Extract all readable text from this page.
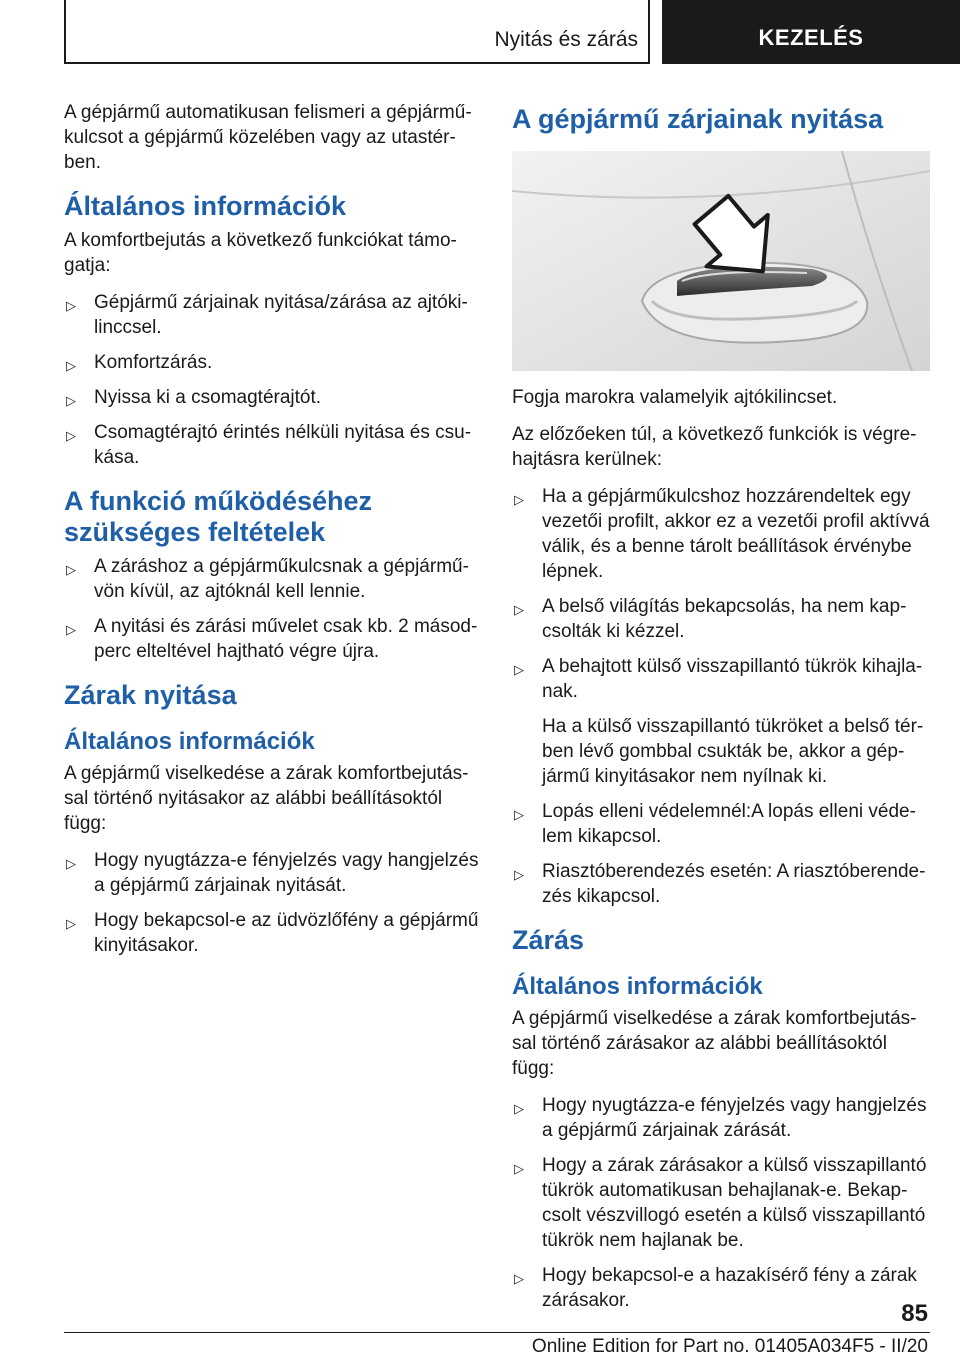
Nyitás és zárás	KEZELÉS

A gépjármű automatikusan felismeri a gépjárműkulcsot a gépjármű közelében vagy az utastérben.

Általános információk

A komfortbejutás a következő funkciókat támogatja:

▷ Gépjármű zárjainak nyitása/zárása az ajtókilinccsel.
▷ Komfortzárás.
▷ Nyissa ki a csomagtérajtót.
▷ Csomagtérajtó érintés nélküli nyitása és csukása.
A funkció működéséhez szükséges feltételek
▷ A záráshoz a gépjárműkulcsnak a gépjárművön kívül, az ajtóknál kell lennie.
▷ A nyitási és zárási művelet csak kb. 2 másodperc elteltével hajtható végre újra.
Zárak nyitása
Általános információk

A gépjármű viselkedése a zárak komfortbejutással történő nyitásakor az alábbi beállításoktól függ:

▷ Hogy nyugtázza-e fényjelzés vagy hangjelzés a gépjármű zárjainak nyitását.
▷ Hogy bekapcsol-e az üdvözlőfény a gépjármű kinyitásakor.
A gépjármű zárjainak nyitása

Fogja marokra valamelyik ajtókilincset.

Az előzőeken túl, a következő funkciók is végrehajtásra kerülnek:

▷ Ha a gépjárműkulcshoz hozzárendeltek egy vezetői profilt, akkor ez a vezetői profil aktívvá válik, és a benne tárolt beállítások érvénybe lépnek.
▷ A belső világítás bekapcsolás, ha nem kapcsolták ki kézzel.
▷ A behajtott külső visszapillantó tükrök kihajlanak.
Ha a külső visszapillantó tükröket a belső térben lévő gombbal csukták be, akkor a gépjármű kinyitásakor nem nyílnak ki.
▷ Lopás elleni védelemnél:A lopás elleni védelem kikapcsol.
▷ Riasztóberendezés esetén: A riasztóberendezés kikapcsol.
Zárás
Általános információk

A gépjármű viselkedése a zárak komfortbejutással történő zárásakor az alábbi beállításoktól függ:

▷ Hogy nyugtázza-e fényjelzés vagy hangjelzés a gépjármű zárjainak zárását.
▷ Hogy a zárak zárásakor a külső visszapillantó tükrök automatikusan behajlanak-e. Bekapcsolt vészvillogó esetén a külső visszapillantó tükrök nem hajlanak be.
▷ Hogy bekapcsol-e a hazakísérő fény a zárak zárásakor.	85
Online Edition for Part no. 01405A034F5 - II/20
